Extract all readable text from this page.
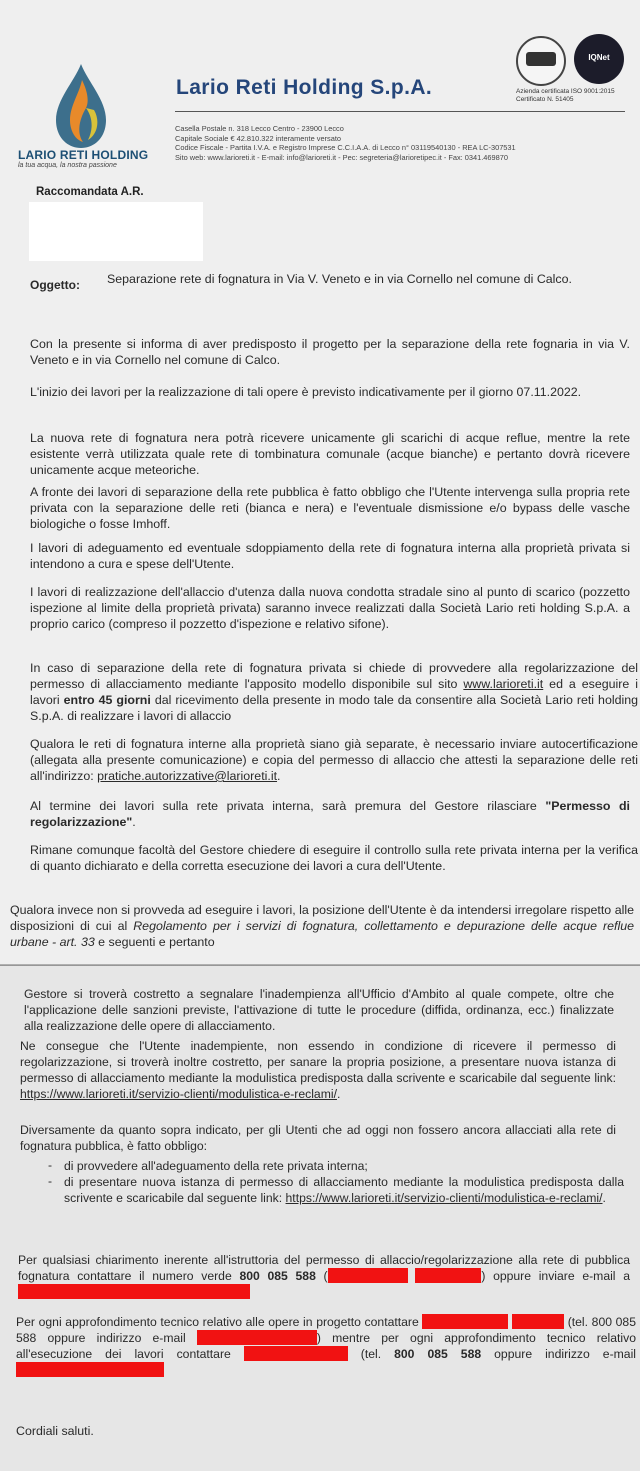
LARIO RETI HOLDING
la tua acqua, la nostra passione
Lario Reti Holding S.p.A.
IQNet
Azienda certificata ISO 9001:2015
Certificato N. 51405
Casella Postale n. 318 Lecco Centro - 23900 Lecco
Capitale Sociale € 42.810.322 interamente versato
Codice Fiscale - Partita I.V.A. e Registro Imprese C.C.I.A.A. di Lecco n° 03119540130 - REA LC-307531
Sito web: www.larioreti.it - E-mail: info@larioreti.it - Pec: segreteria@larioretipec.it - Fax: 0341.469870
Raccomandata A.R.
Oggetto: Separazione rete di fognatura in Via V. Veneto e in via Cornello nel comune di Calco.
Con la presente si informa di aver predisposto il progetto per la separazione della rete fognaria in via V. Veneto e in via Cornello nel comune di Calco.
L'inizio dei lavori per la realizzazione di tali opere è previsto indicativamente per il giorno 07.11.2022.
La nuova rete di fognatura nera potrà ricevere unicamente gli scarichi di acque reflue, mentre la rete esistente verrà utilizzata quale rete di tombinatura comunale (acque bianche) e pertanto dovrà ricevere unicamente acque meteoriche.
A fronte dei lavori di separazione della rete pubblica è fatto obbligo che l'Utente intervenga sulla propria rete privata con la separazione delle reti (bianca e nera) e l'eventuale dismissione e/o bypass delle vasche biologiche o fosse Imhoff.
I lavori di adeguamento ed eventuale sdoppiamento della rete di fognatura interna alla proprietà privata si intendono a cura e spese dell'Utente.
I lavori di realizzazione dell'allaccio d'utenza dalla nuova condotta stradale sino al punto di scarico (pozzetto ispezione al limite della proprietà privata) saranno invece realizzati dalla Società Lario reti holding S.p.A. a proprio carico (compreso il pozzetto d'ispezione e relativo sifone).
In caso di separazione della rete di fognatura privata si chiede di provvedere alla regolarizzazione del permesso di allacciamento mediante l'apposito modello disponibile sul sito www.larioreti.it ed a eseguire i lavori entro 45 giorni dal ricevimento della presente in modo tale da consentire alla Società Lario reti holding S.p.A. di realizzare i lavori di allaccio
Qualora le reti di fognatura interne alla proprietà siano già separate, è necessario inviare autocertificazione (allegata alla presente comunicazione) e copia del permesso di allaccio che attesti la separazione delle reti all'indirizzo: pratiche.autorizzative@larioreti.it.
Al termine dei lavori sulla rete privata interna, sarà premura del Gestore rilasciare "Permesso di regolarizzazione".
Rimane comunque facoltà del Gestore chiedere di eseguire il controllo sulla rete privata interna per la verifica di quanto dichiarato e della corretta esecuzione dei lavori a cura dell'Utente.
Qualora invece non si provveda ad eseguire i lavori, la posizione dell'Utente è da intendersi irregolare rispetto alle disposizioni di cui al Regolamento per i servizi di fognatura, collettamento e depurazione delle acque reflue urbane - art. 33 e seguenti e pertanto
Gestore si troverà costretto a segnalare l'inadempienza all'Ufficio d'Ambito al quale compete, oltre che l'applicazione delle sanzioni previste, l'attivazione di tutte le procedure (diffida, ordinanza, ecc.) finalizzate alla realizzazione delle opere di allacciamento.
Ne consegue che l'Utente inadempiente, non essendo in condizione di ricevere il permesso di regolarizzazione, si troverà inoltre costretto, per sanare la propria posizione, a presentare nuova istanza di permesso di allacciamento mediante la modulistica predisposta dalla scrivente e scaricabile dal seguente link: https://www.larioreti.it/servizio-clienti/modulistica-e-reclami/.
Diversamente da quanto sopra indicato, per gli Utenti che ad oggi non fossero ancora allacciati alla rete di fognatura pubblica, è fatto obbligo:
- di provvedere all'adeguamento della rete privata interna;
- di presentare nuova istanza di permesso di allacciamento mediante la modulistica predisposta dalla scrivente e scaricabile dal seguente link: https://www.larioreti.it/servizio-clienti/modulistica-e-reclami/.
Per qualsiasi chiarimento inerente all'istruttoria del permesso di allaccio/regolarizzazione alla rete di pubblica fognatura contattare il numero verde 800 085 588 (	) oppure inviare e-mail a
Per ogni approfondimento tecnico relativo alle opere in progetto contattare	(tel. 800 085 588 oppure indirizzo e-mail	) mentre per ogni approfondimento tecnico relativo all'esecuzione dei lavori contattare	(tel. 800 085 588 oppure indirizzo e-mail
Cordiali saluti.
